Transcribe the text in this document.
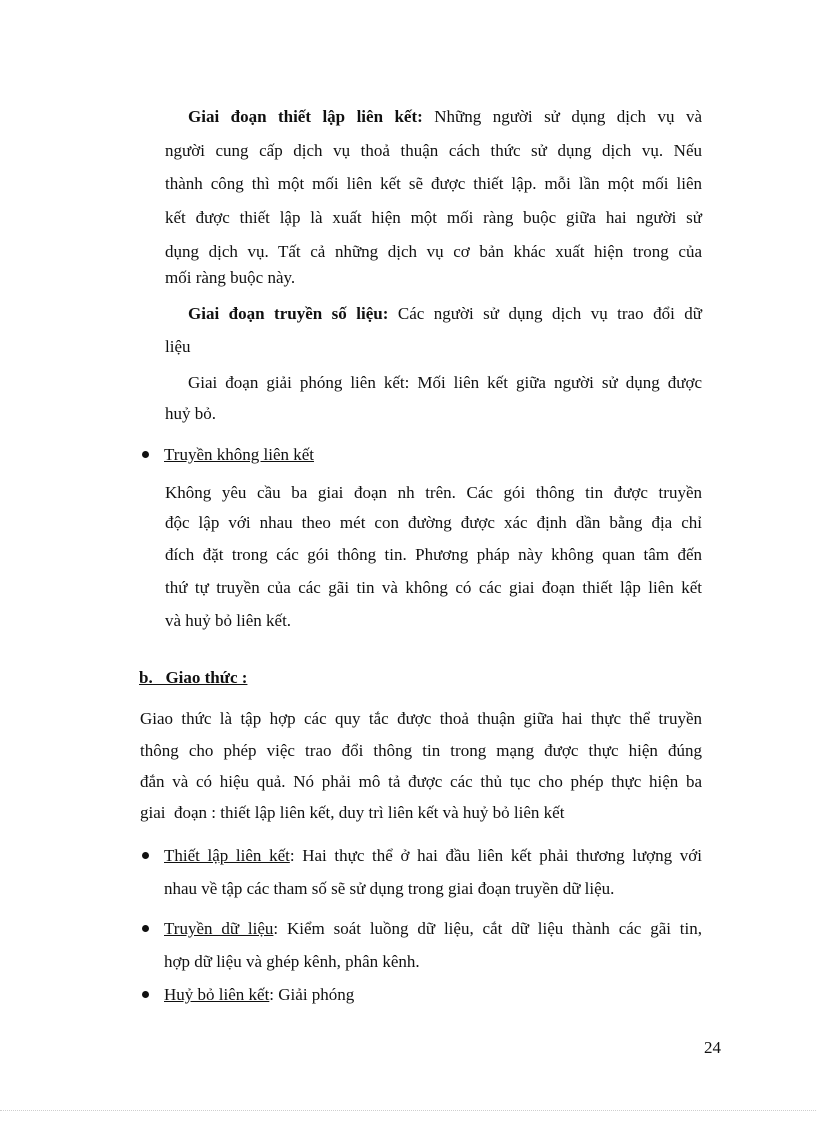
Giai đoạn thiết lập liên kết: Những người sử dụng dịch vụ và
người cung cấp dịch vụ thoả thuận cách thức sử dụng dịch vụ. Nếu
thành công thì một mối liên kết sẽ được thiết lập. mỗi lần một mối liên
kết được thiết lập là xuất hiện một mối ràng buộc giữa hai người sử
dụng dịch vụ. Tất cả những dịch vụ cơ bản khác xuất hiện trong của
mối ràng buộc này.
Giai đoạn truyền số liệu: Các người sử dụng dịch vụ trao đổi dữ
liệu
Giai đoạn giải phóng liên kết: Mối liên kết giữa người sử dụng được
huỷ bỏ.
Truyền không liên kết
Không yêu cầu ba giai đoạn nh trên. Các gói thông tin được truyền
độc lập với nhau theo mét con đường được xác định dần bằng địa chỉ
đích đặt trong các gói thông tin. Phương pháp này không quan tâm đến
thứ tự truyền của các gãi tin và không có các giai đoạn thiết lập liên kết
và huỷ bỏ liên kết.
b.   Giao thức :
Giao thức là tập hợp các quy tắc được thoả thuận giữa hai thực thể truyền
thông cho phép việc trao đổi thông tin trong mạng được thực hiện đúng
đắn và có hiệu quả. Nó phải mô tả được các thủ tục cho phép thực hiện ba
giai  đoạn : thiết lập liên kết, duy trì liên kết và huỷ bỏ liên kết
Thiết lập liên kết: Hai thực thể ở hai đầu liên kết phải thương lượng với
nhau về tập các tham số sẽ sử dụng trong giai đoạn truyền dữ liệu.
Truyền dữ liệu: Kiểm soát luồng dữ liệu, cắt dữ liệu thành các gãi tin,
hợp dữ liệu và ghép kênh, phân kênh.
Huỷ bỏ liên kết: Giải phóng
24
